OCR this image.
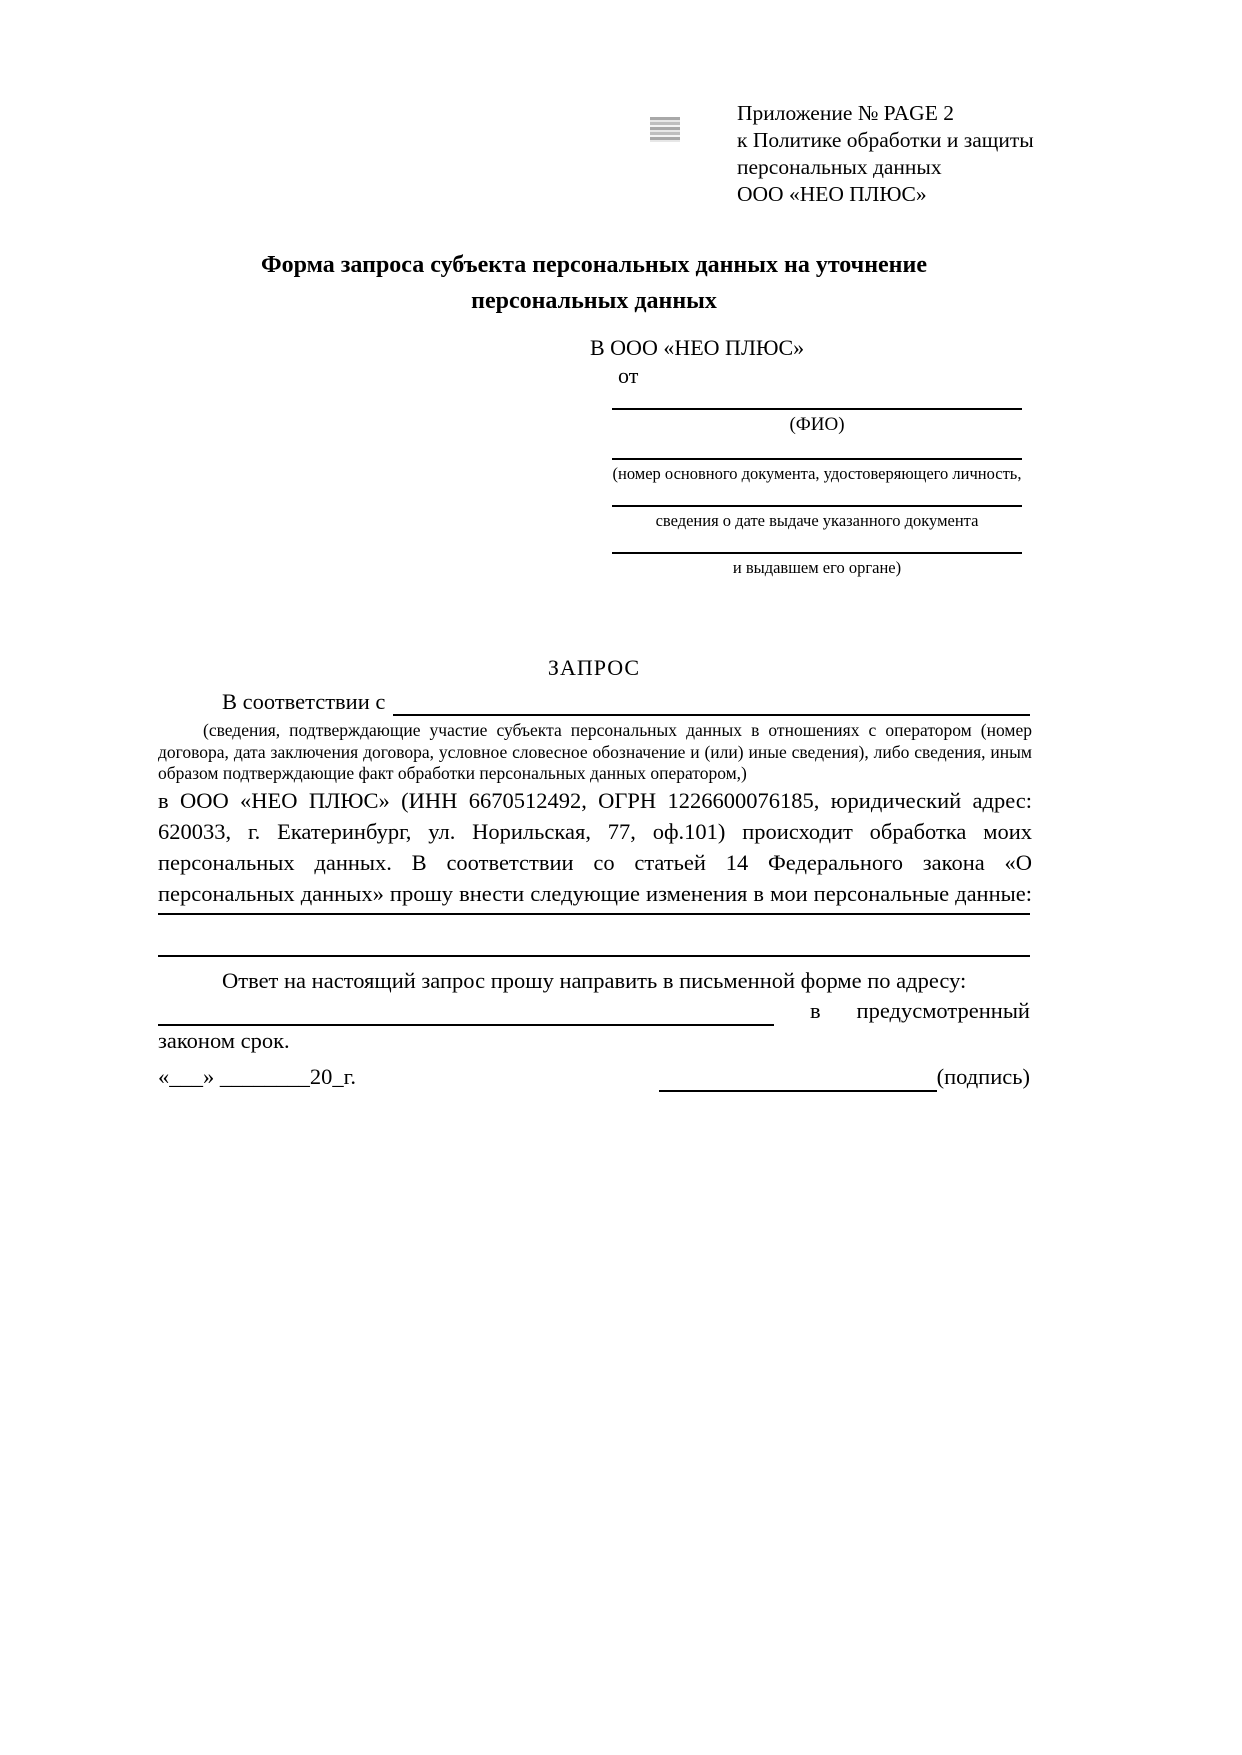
Приложение № PAGE 2
к Политике обработки и защиты
персональных данных
ООО «НЕО ПЛЮС»
Форма запроса субъекта персональных данных на уточнение
персональных данных
В ООО «НЕО ПЛЮС»
от
(ФИО)
(номер основного документа, удостоверяющего личность,
сведения о дате выдаче указанного документа
и выдавшем его органе)
ЗАПРОС
В соответствии с
(сведения, подтверждающие участие субъекта персональных данных в отношениях с оператором (номер договора, дата заключения договора, условное словесное обозначение и (или) иные сведения), либо сведения, иным образом подтверждающие факт обработки персональных данных оператором,)
в ООО «НЕО ПЛЮС» (ИНН 6670512492, ОГРН 1226600076185, юридический адрес: 620033, г. Екатеринбург, ул. Норильская, 77, оф.101) происходит обработка моих персональных данных. В соответствии со статьей 14 Федерального закона «О персональных данных» прошу внести следующие изменения в мои персональные данные:
Ответ на настоящий запрос прошу направить в письменной форме по адресу:
в предусмотренный
законом срок.
«___» ________20_г.	(подпись)
